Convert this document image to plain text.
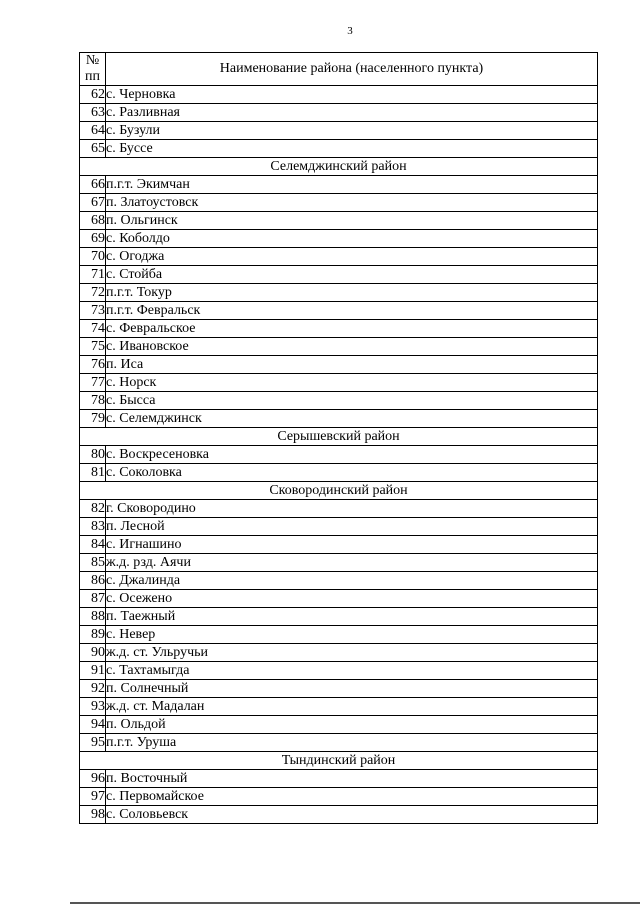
3
№
пп	Наименование района (населенного пункта)
62	с. Черновка
63	с. Разливная
64	с. Бузули
65	с. Буссе
Селемджинский район	
66	п.г.т. Экимчан
67	п. Златоустовск
68	п. Ольгинск
69	с. Коболдо
70	с. Огоджа
71	с. Стойба
72	п.г.т. Токур
73	п.г.т. Февральск
74	с. Февральское
75	с. Ивановское
76	п. Иса
77	с. Норск
78	с. Бысса
79	с. Селемджинск
Серышевский район	
80	с. Воскресеновка
81	с. Соколовка
Сковородинский район	
82	г. Сковородино
83	п. Лесной
84	с. Игнашино
85	ж.д. рзд. Аячи
86	с. Джалинда
87	с. Осежено
88	п. Таежный
89	с. Невер
90	ж.д. ст. Ульручьи
91	с. Тахтамыгда
92	п. Солнечный
93	ж.д. ст. Мадалан
94	п. Ольдой
95	п.г.т. Уруша
Тындинский район	
96	п. Восточный
97	с. Первомайское
98	с. Соловьевск
